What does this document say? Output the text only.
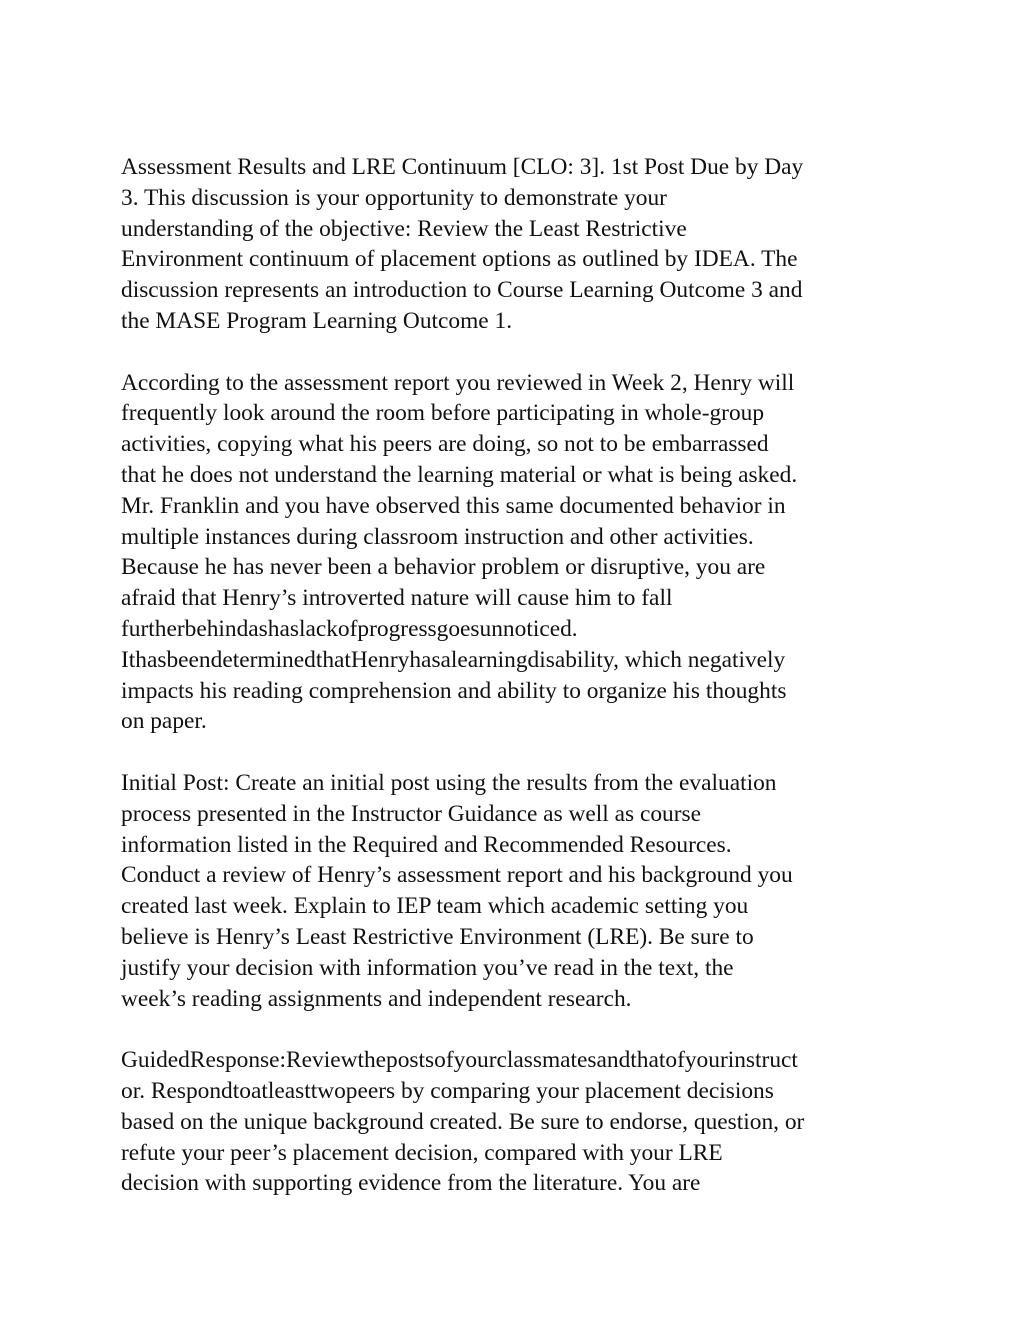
Assessment Results and LRE Continuum [CLO: 3]. 1st Post Due by Day
3. This discussion is your opportunity to demonstrate your
understanding of the objective: Review the Least Restrictive
Environment continuum of placement options as outlined by IDEA. The
discussion represents an introduction to Course Learning Outcome 3 and
the MASE Program Learning Outcome 1.

According to the assessment report you reviewed in Week 2, Henry will
frequently look around the room before participating in whole-group
activities, copying what his peers are doing, so not to be embarrassed
that he does not understand the learning material or what is being asked.
Mr. Franklin and you have observed this same documented behavior in
multiple instances during classroom instruction and other activities.
Because he has never been a behavior problem or disruptive, you are
afraid that Henry’s introverted nature will cause him to fall
furtherbehindashaslackofprogressgoesunnoticed.
IthasbeendeterminedthatHenryhasalearningdisability, which negatively
impacts his reading comprehension and ability to organize his thoughts
on paper.

Initial Post: Create an initial post using the results from the evaluation
process presented in the Instructor Guidance as well as course
information listed in the Required and Recommended Resources.
Conduct a review of Henry’s assessment report and his background you
created last week. Explain to IEP team which academic setting you
believe is Henry’s Least Restrictive Environment (LRE). Be sure to
justify your decision with information you’ve read in the text, the
week’s reading assignments and independent research.

GuidedResponse:Reviewthepostsofyourclassmatesandthatofyourinstruct
or. Respondtoatleasttwopeers by comparing your placement decisions
based on the unique background created. Be sure to endorse, question, or
refute your peer’s placement decision, compared with your LRE
decision with supporting evidence from the literature. You are
